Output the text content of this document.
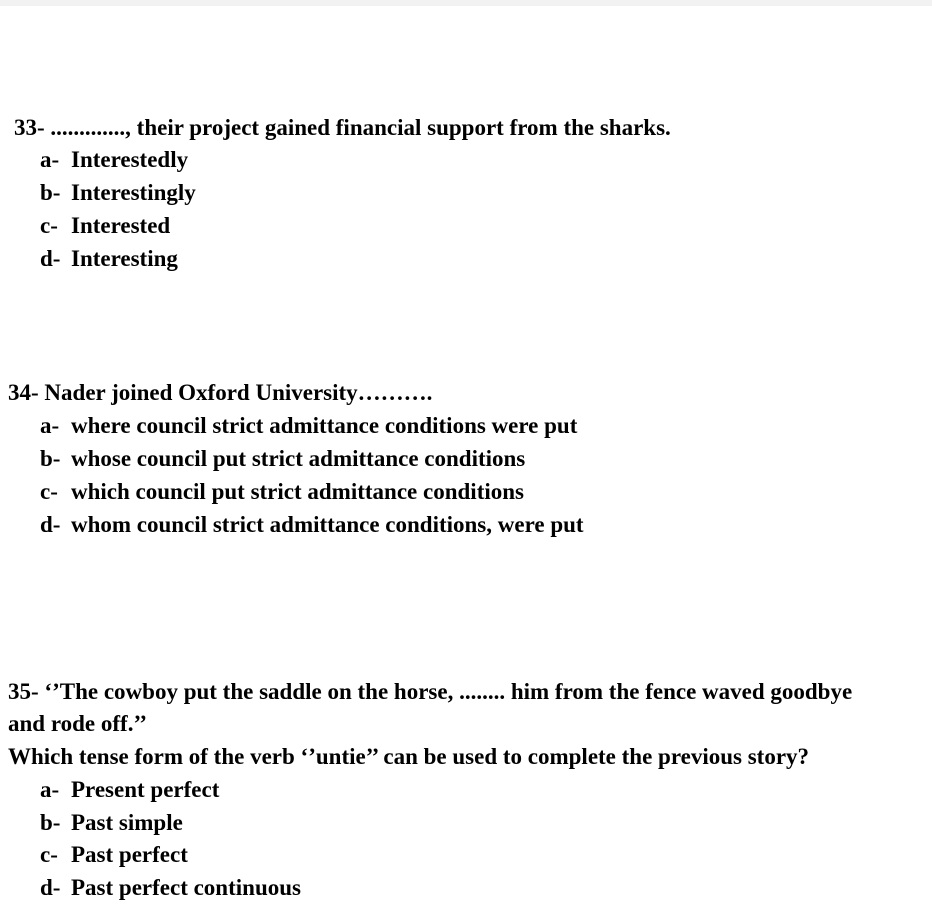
33- ............., their project gained financial support from the sharks.
a- Interestedly
b- Interestingly
c- Interested
d- Interesting
34- Nader joined Oxford University……….
a- where council strict admittance conditions were put
b- whose council put strict admittance conditions
c- which council put strict admittance conditions
d- whom council strict admittance conditions, were put
35- ‘’The cowboy put the saddle on the horse, ........ him from the fence waved goodbye
and rode off.’’
Which tense form of the verb ‘’untie’’ can be used to complete the previous story?
a- Present perfect
b- Past simple
c- Past perfect
d- Past perfect continuous
